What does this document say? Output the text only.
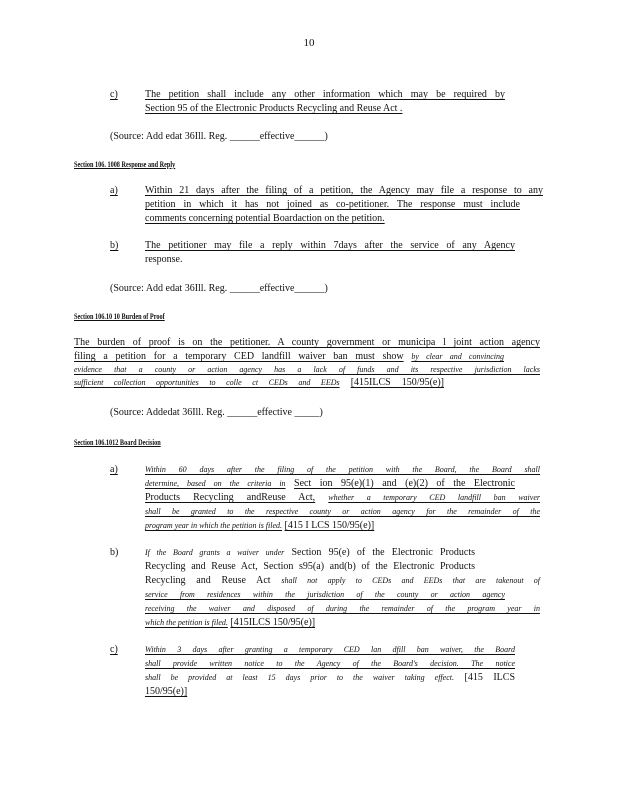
10
c)	The petition shall include any other information which may be required by
Section 95 of the Electronic Products Recycling and Reuse Act .
(Source: Add edat 36Ill. Reg. ______effective______)
Section 106. 1008 Response and Reply
a)	Within 21 days after the filing of a petition, the Agency may file a response to any
petition in which it has not joined as co-petitioner. The response must include
comments concerning potential Boardaction on the petition.
b)	The petitioner may file a reply within 7days after the service of any Agency
response.
(Source: Add edat 36Ill. Reg. ______effective______)
Section 106.10 10 Burden of Proof
The burden of proof is on the petitioner. A county government or municipa l joint action agency
filing a petition for a temporary CED landfill waiver ban must show by clear and convincing
evidence that a county or action agency has a lack of funds and its respective jurisdiction lacks
sufficient collection opportunities to colle ct CEDs and EEDs [415ILCS 150/95(e)]
(Source: Addedat 36Ill. Reg. ______effective _____)
Section 106.1012 Board Decision
a)	Within 60 days after the filing of the petition with the Board, the Board shall
determine, based on the criteria in Sect ion 95(e)(1) and (e)(2) of the Electronic
Products Recycling andReuse Act, whether a temporary CED landfill ban waiver
shall be granted to the respective county or action agency for the remainder of the
program year in which the petition is filed. [415 I LCS 150/95(e)]
b)	If the Board grants a waiver under Section 95(e) of the Electronic Products
Recycling and Reuse Act, Section s95(a) and(b) of the Electronic Products
Recycling and Reuse Act shall not apply to CEDs and EEDs that are takenout of
service from residences within the jurisdiction of the county or action agency
receiving the waiver and disposed of during the remainder of the program year in
which the petition is filed. [415ILCS 150/95(e)]
c)	Within 3 days after granting a temporary CED lan dfill ban waiver, the Board
shall provide written notice to the Agency of the Board's decision. The notice
shall be provided at least 15 days prior to the waiver taking effect. [415 ILCS
150/95(e)]
